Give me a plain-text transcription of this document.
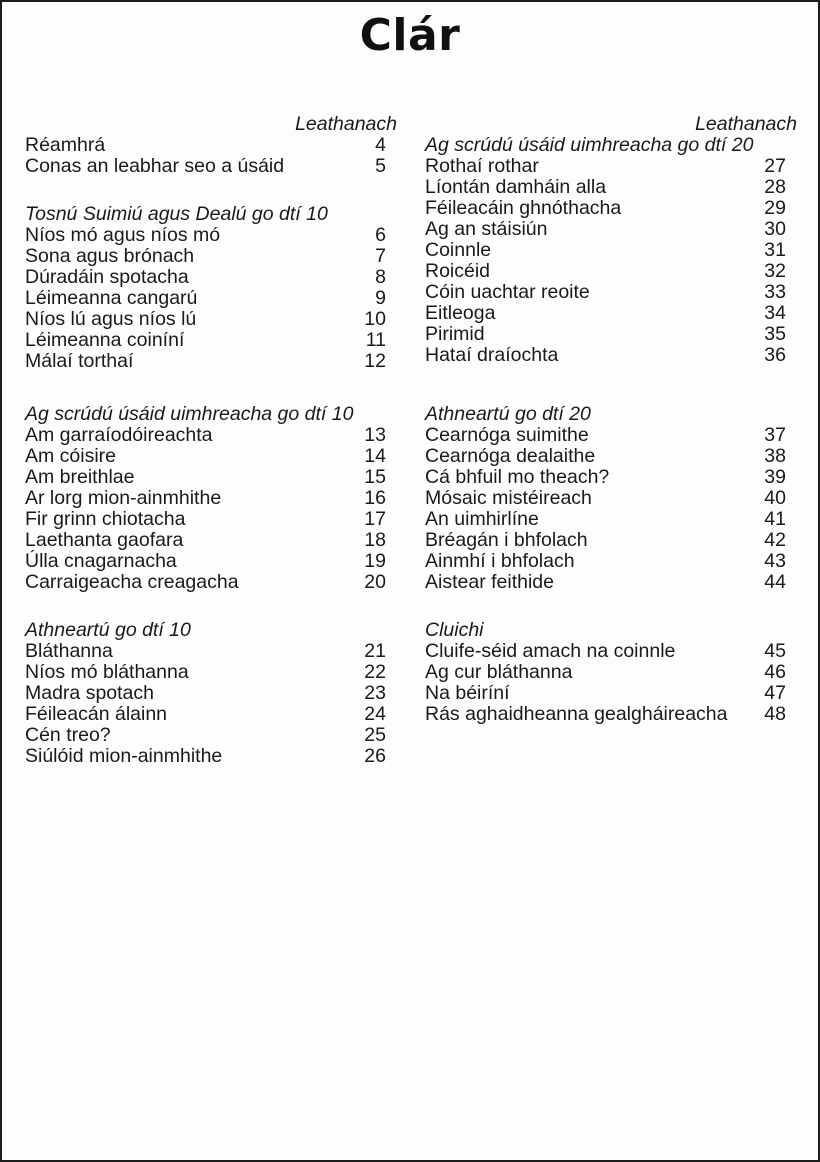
Clár
Leathanach
Réamhrá	4
Conas an leabhar seo a úsáid	5
Tosnú Suimiú agus Dealú go dtí 10
Níos mó agus níos mó	6
Sona agus brónach	7
Dúradáin spotacha	8
Léimeanna cangarú	9
Níos lú agus níos lú	10
Léimeanna coiníní	11
Málaí torthaí	12
Ag scrúdú úsáid uimhreacha go dtí 10
Am garraíodóireachta	13
Am cóisire	14
Am breithlae	15
Ar lorg mion-ainmhithe	16
Fir grinn chiotacha	17
Laethanta gaofara	18
Úlla cnagarnacha	19
Carraigeacha creagacha	20
Athneartú go dtí 10
Bláthanna	21
Níos mó bláthanna	22
Madra spotach	23
Féileacán álainn	24
Cén treo?	25
Siúlóid mion-ainmhithe	26
Leathanach
Ag scrúdú úsáid uimhreacha go dtí 20
Rothaí rothar	27
Líontán damháin alla	28
Féileacáin ghnóthacha	29
Ag an stáisiún	30
Coinnle	31
Roicéid	32
Cóin uachtar reoite	33
Eitleoga	34
Pirimid	35
Hataí draíochta	36
Athneartú go dtí 20
Cearnóga suimithe	37
Cearnóga dealaithe	38
Cá bhfuil mo theach?	39
Mósaic mistéireach	40
An uimhirlíne	41
Bréagán i bhfolach	42
Ainmhí i bhfolach	43
Aistear feithide	44
Cluichi
Cluife-séid amach na coinnle	45
Ag cur bláthanna	46
Na béiríní	47
Rás aghaidheanna gealgháireacha	48
